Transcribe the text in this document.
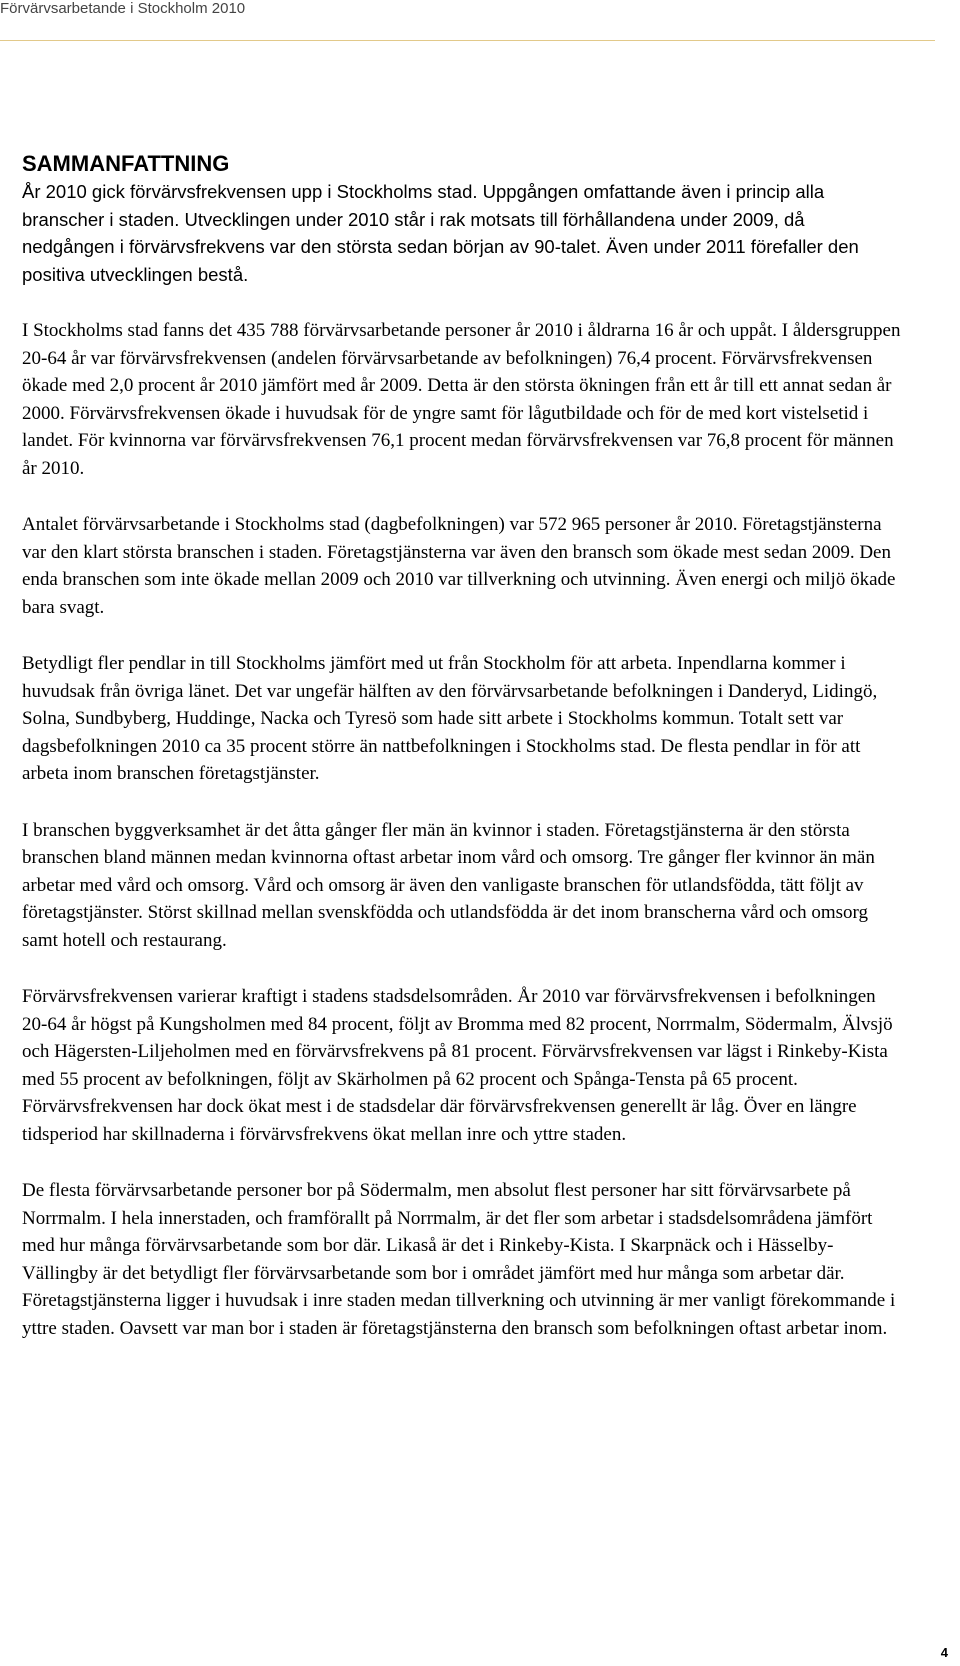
Förvärvsarbetande i Stockholm 2010
SAMMANFATTNING

År 2010 gick förvärvsfrekvensen upp i Stockholms stad. Uppgången omfattande även i princip alla branscher i staden. Utvecklingen under 2010 står i rak motsats till förhållandena under 2009, då nedgången i förvärvsfrekvens var den största sedan början av 90-talet. Även under 2011 förefaller den positiva utvecklingen bestå.

I Stockholms stad fanns det 435 788 förvärvsarbetande personer år 2010 i åldrarna 16 år och uppåt. I åldersgruppen 20-64 år var förvärvsfrekvensen (andelen förvärvsarbetande av befolkningen) 76,4 procent. Förvärvsfrekvensen ökade med 2,0 procent år 2010 jämfört med år 2009. Detta är den största ökningen från ett år till ett annat sedan år 2000. Förvärvsfrekvensen ökade i huvudsak för de yngre samt för lågutbildade och för de med kort vistelsetid i landet. För kvinnorna var förvärvsfrekvensen 76,1 procent medan förvärvsfrekvensen var 76,8 procent för männen år 2010.

Antalet förvärvsarbetande i Stockholms stad (dagbefolkningen) var 572 965 personer år 2010. Företagstjänsterna var den klart största branschen i staden. Företagstjänsterna var även den bransch som ökade mest sedan 2009. Den enda branschen som inte ökade mellan 2009 och 2010 var tillverkning och utvinning. Även energi och miljö ökade bara svagt.

Betydligt fler pendlar in till Stockholms jämfört med ut från Stockholm för att arbeta. Inpendlarna kommer i huvudsak från övriga länet. Det var ungefär hälften av den förvärvsarbetande befolkningen i Danderyd, Lidingö, Solna, Sundbyberg, Huddinge, Nacka och Tyresö som hade sitt arbete i Stockholms kommun. Totalt sett var dagsbefolkningen 2010 ca 35 procent större än nattbefolkningen i Stockholms stad. De flesta pendlar in för att arbeta inom branschen företagstjänster.

I branschen byggverksamhet är det åtta gånger fler män än kvinnor i staden. Företagstjänsterna är den största branschen bland männen medan kvinnorna oftast arbetar inom vård och omsorg. Tre gånger fler kvinnor än män arbetar med vård och omsorg. Vård och omsorg är även den vanligaste branschen för utlandsfödda, tätt följt av företagstjänster. Störst skillnad mellan svenskfödda och utlandsfödda är det inom branscherna vård och omsorg samt hotell och restaurang.

Förvärvsfrekvensen varierar kraftigt i stadens stadsdelsområden. År 2010 var förvärvsfrekvensen i befolkningen 20-64 år högst på Kungsholmen med 84 procent, följt av Bromma med 82 procent, Norrmalm, Södermalm, Älvsjö och Hägersten-Liljeholmen med en förvärvsfrekvens på 81 procent. Förvärvsfrekvensen var lägst i Rinkeby-Kista med 55 procent av befolkningen, följt av Skärholmen på 62 procent och Spånga-Tensta på 65 procent. Förvärvsfrekvensen har dock ökat mest i de stadsdelar där förvärvsfrekvensen generellt är låg. Över en längre tidsperiod har skillnaderna i förvärvsfrekvens ökat mellan inre och yttre staden.

De flesta förvärvsarbetande personer bor på Södermalm, men absolut flest personer har sitt förvärvsarbete på Norrmalm. I hela innerstaden, och framförallt på Norrmalm, är det fler som arbetar i stadsdelsområdena jämfört med hur många förvärvsarbetande som bor där. Likaså är det i Rinkeby-Kista. I Skarpnäck och i Hässelby-Vällingby är det betydligt fler förvärvsarbetande som bor i området jämfört med hur många som arbetar där. Företagstjänsterna ligger i huvudsak i inre staden medan tillverkning och utvinning är mer vanligt förekommande i yttre staden. Oavsett var man bor i staden är företagstjänsterna den bransch som befolkningen oftast arbetar inom.

4
